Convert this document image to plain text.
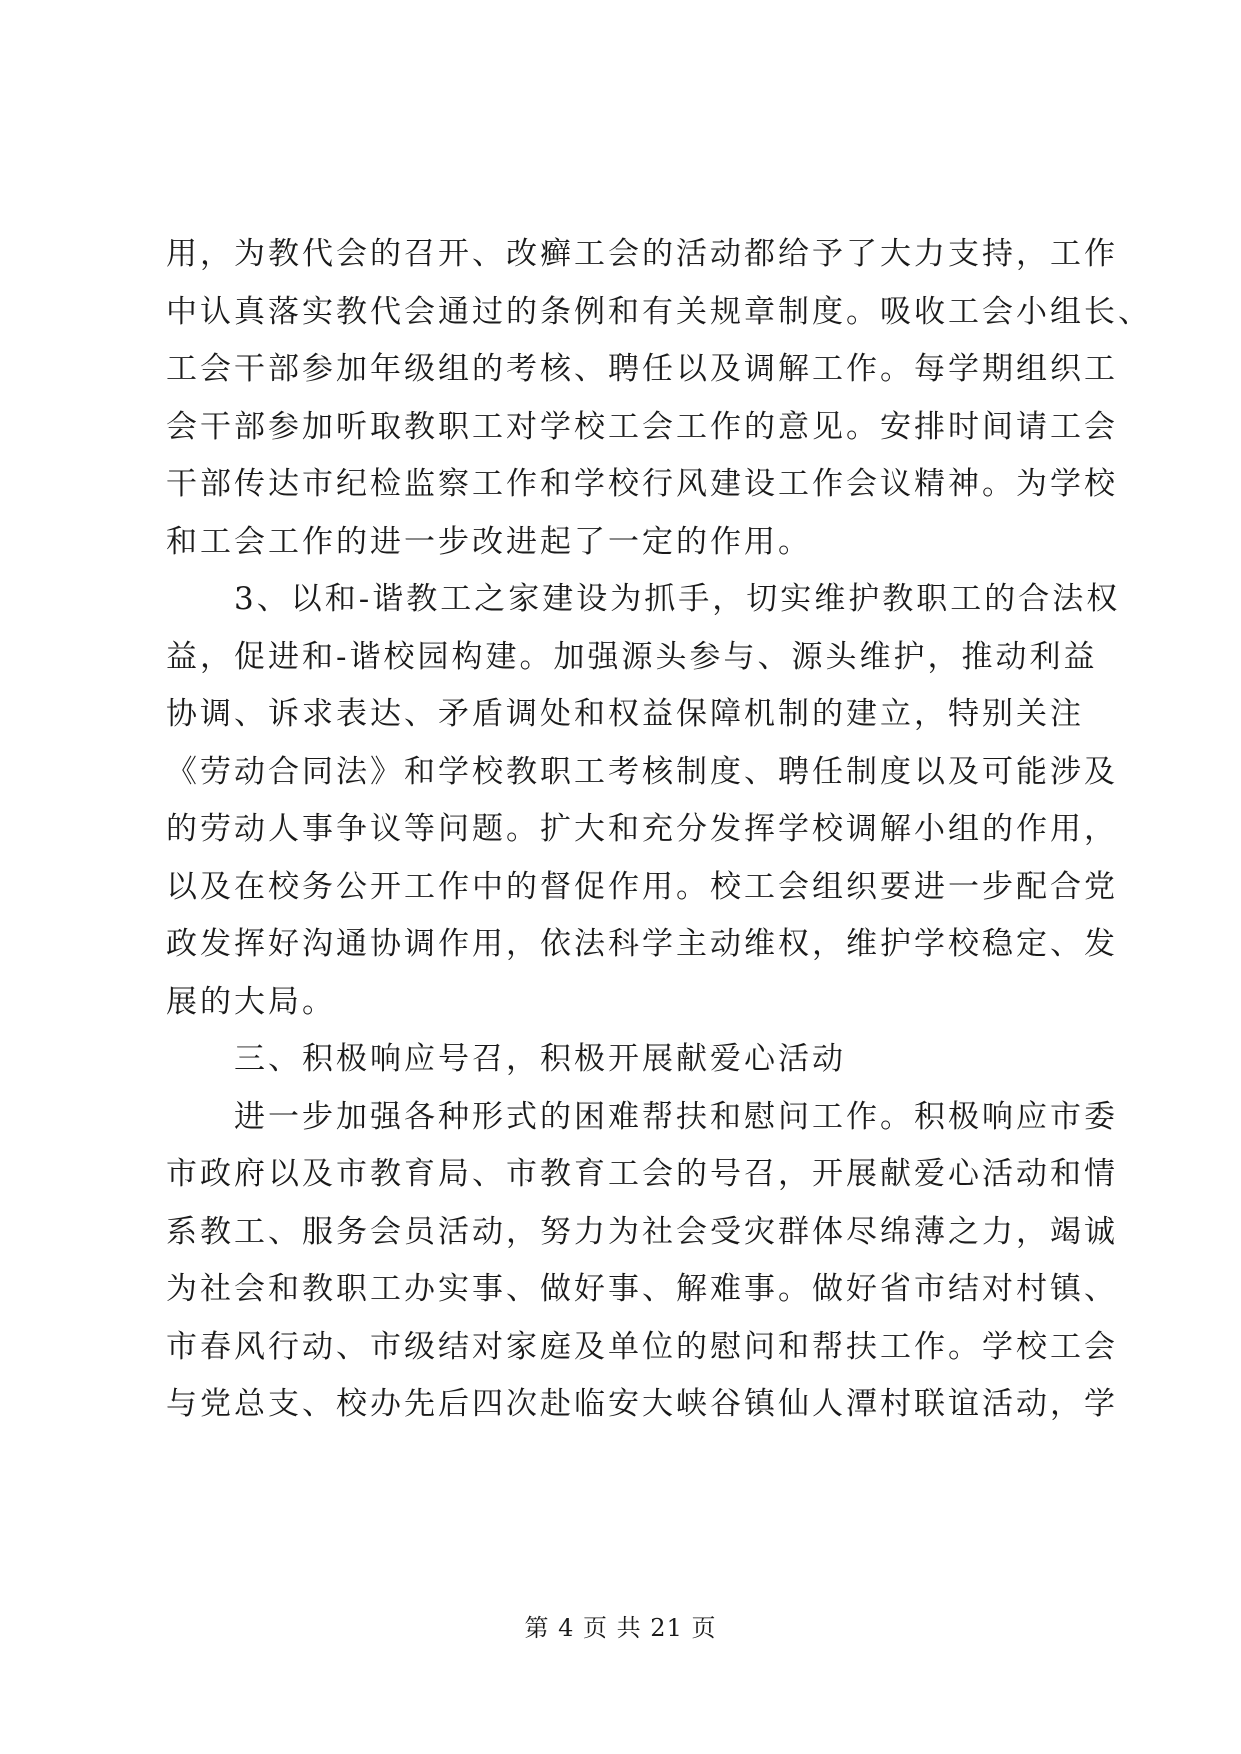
用，为教代会的召开、改癣工会的活动都给予了大力支持，工作
中认真落实教代会通过的条例和有关规章制度。吸收工会小组长、
工会干部参加年级组的考核、聘任以及调解工作。每学期组织工
会干部参加听取教职工对学校工会工作的意见。安排时间请工会
干部传达市纪检监察工作和学校行风建设工作会议精神。为学校
和工会工作的进一步改进起了一定的作用。
　　3、以和-谐教工之家建设为抓手，切实维护教职工的合法权
益，促进和-谐校园构建。加强源头参与、源头维护，推动利益
协调、诉求表达、矛盾调处和权益保障机制的建立，特别关注
《劳动合同法》和学校教职工考核制度、聘任制度以及可能涉及
的劳动人事争议等问题。扩大和充分发挥学校调解小组的作用，
以及在校务公开工作中的督促作用。校工会组织要进一步配合党
政发挥好沟通协调作用，依法科学主动维权，维护学校稳定、发
展的大局。
　　三、积极响应号召，积极开展献爱心活动
　　进一步加强各种形式的困难帮扶和慰问工作。积极响应市委
市政府以及市教育局、市教育工会的号召，开展献爱心活动和情
系教工、服务会员活动，努力为社会受灾群体尽绵薄之力，竭诚
为社会和教职工办实事、做好事、解难事。做好省市结对村镇、
市春风行动、市级结对家庭及单位的慰问和帮扶工作。学校工会
与党总支、校办先后四次赴临安大峡谷镇仙人潭村联谊活动，学
第 4 页 共 21 页
